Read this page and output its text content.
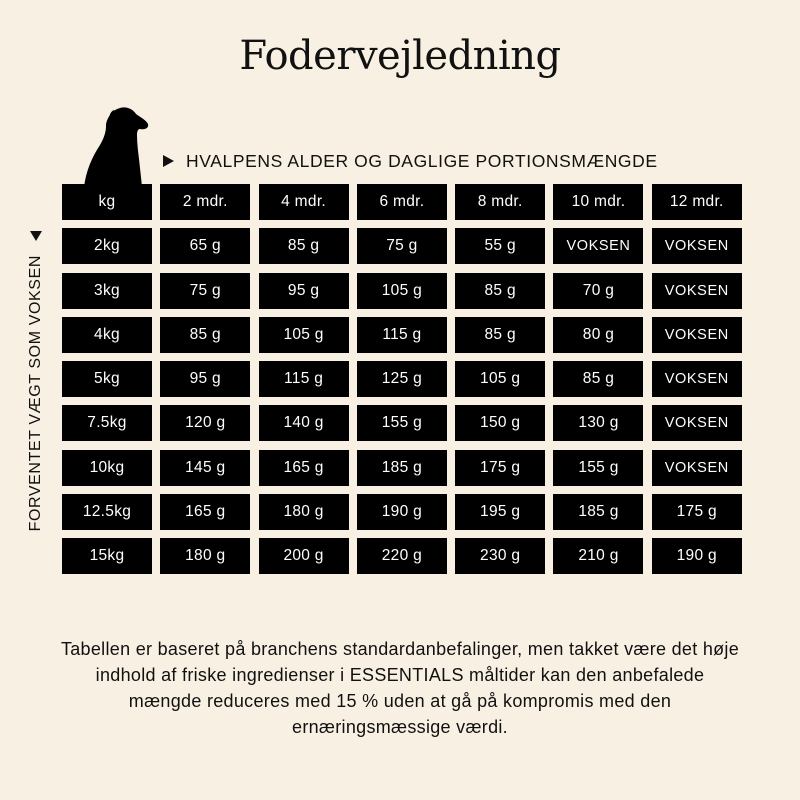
Fodervejledning
HVALPENS ALDER OG DAGLIGE PORTIONSMÆNGDE
FORVENTET VÆGT SOM VOKSEN
kg	2 mdr.	4 mdr.	6 mdr.	8 mdr.	10 mdr.	12 mdr.
2kg	65 g	85 g	75 g	55 g	VOKSEN	VOKSEN
3kg	75 g	95 g	105 g	85 g	70 g	VOKSEN
4kg	85 g	105 g	115 g	85 g	80 g	VOKSEN
5kg	95 g	115 g	125 g	105 g	85 g	VOKSEN
7.5kg	120 g	140 g	155 g	150 g	130 g	VOKSEN
10kg	145 g	165 g	185 g	175 g	155 g	VOKSEN
12.5kg	165 g	180 g	190 g	195 g	185 g	175 g
15kg	180 g	200 g	220 g	230 g	210 g	190 g
Tabellen er baseret på branchens standardanbefalinger, men takket være det høje indhold af friske ingredienser i ESSENTIALS måltider kan den anbefalede mængde reduceres med 15 % uden at gå på kompromis med den ernæringsmæssige værdi.
